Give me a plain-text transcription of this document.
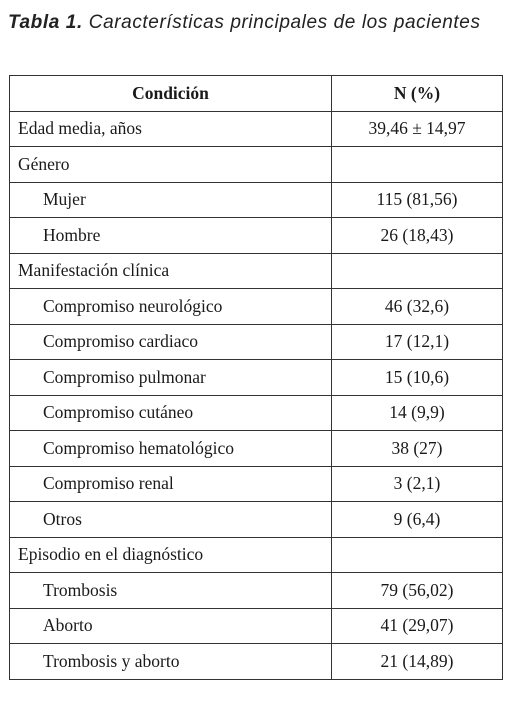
Tabla 1. Características principales de los pacientes
Condición	N (%)
Edad media, años	39,46 ± 14,97
Género	
Mujer	115 (81,56)
Hombre	26 (18,43)
Manifestación clínica	
Compromiso neurológico	46 (32,6)
Compromiso cardiaco	17 (12,1)
Compromiso pulmonar	15 (10,6)
Compromiso cutáneo	14 (9,9)
Compromiso hematológico	38 (27)
Compromiso renal	3 (2,1)
Otros	9 (6,4)
Episodio en el diagnóstico	
Trombosis	79 (56,02)
Aborto	41 (29,07)
Trombosis y aborto	21 (14,89)
